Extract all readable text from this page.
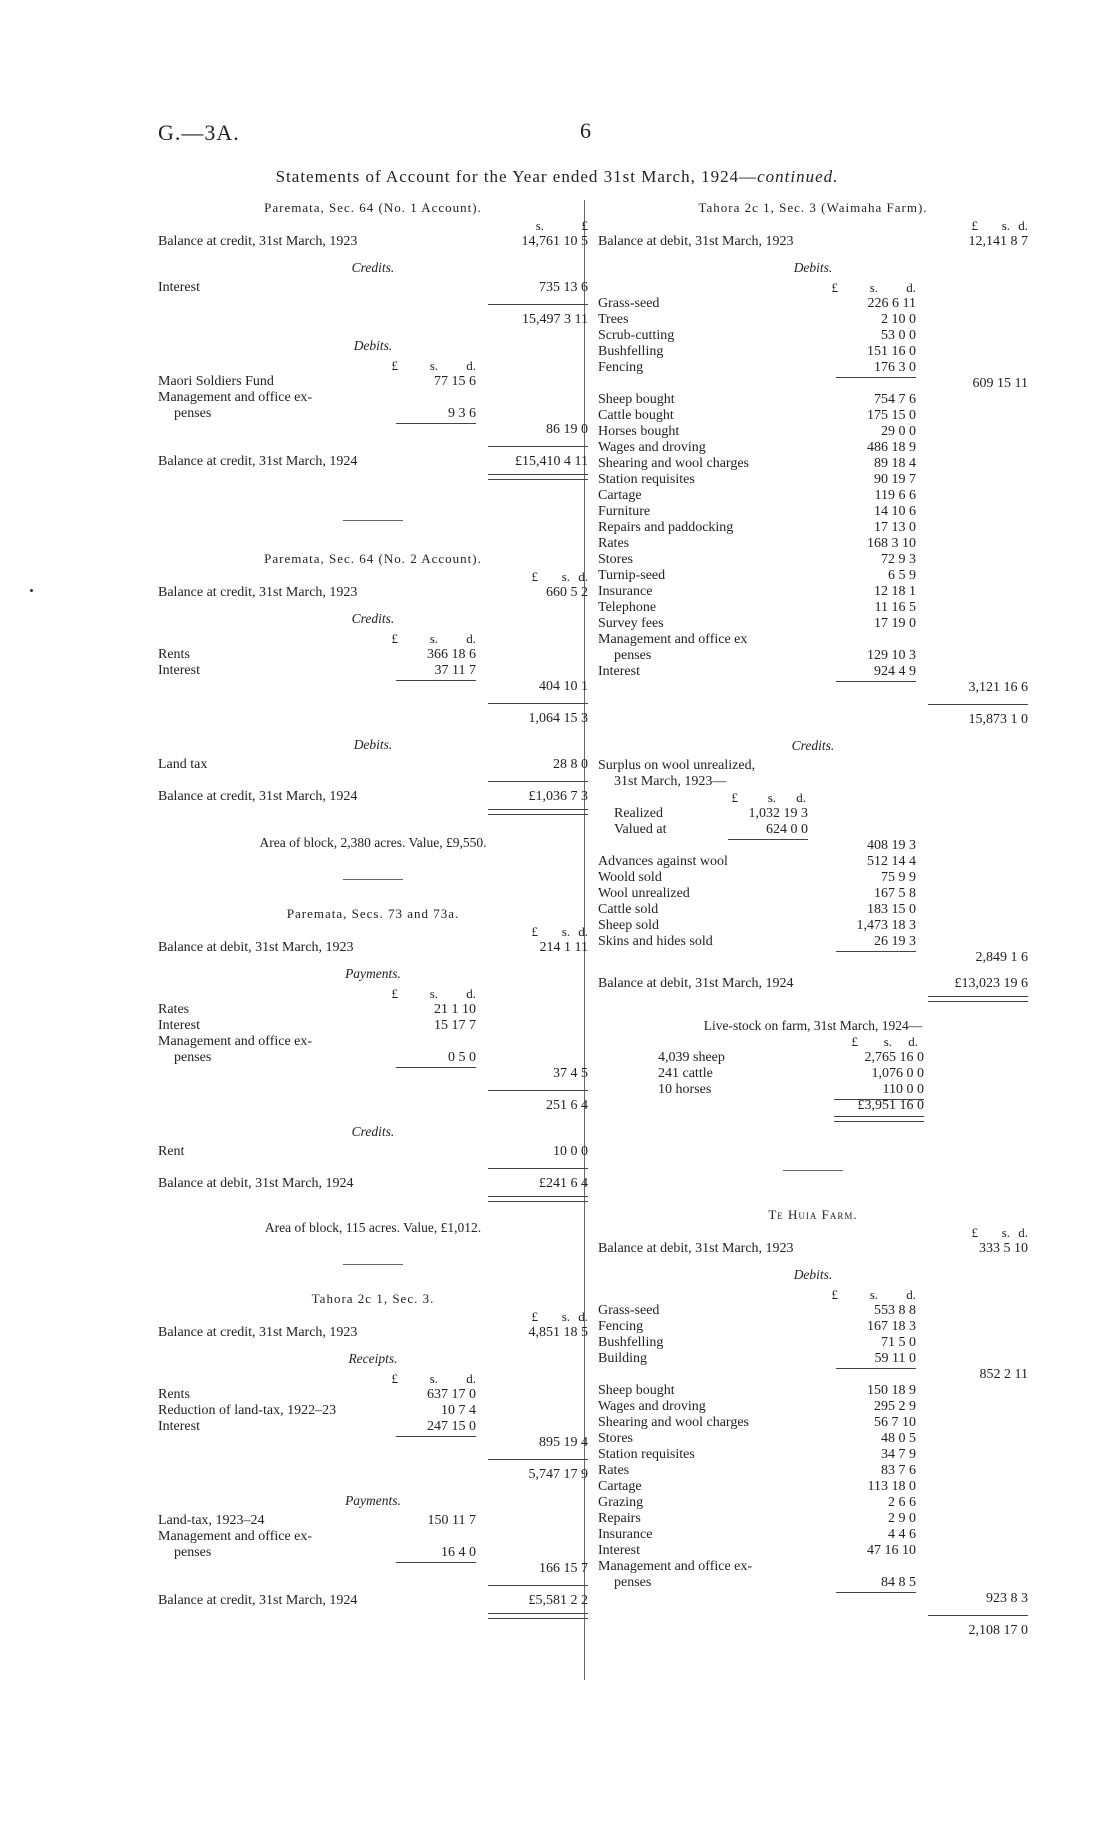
G.—3A.	6
Statements of Account for the Year ended 31st March, 1924—continued.
Paremata, Sec. 64 (No. 1 Account).
£
s.
Balance at credit, 31st March, 1923	14,761 10 5
Credits.
Interest	735 13 6
15,497 3 11
Debits.
£ s. d.
Maori Soldiers Fund	77 15 6
Management and office ex-
penses	9 3 6
86 19 0
Balance at credit, 31st March, 1924	£15,410 4 11
Paremata, Sec. 64 (No. 2 Account).
£ s. d.
Balance at credit, 31st March, 1923	660 5 2
Credits.
£ s. d.
Rents	366 18 6
Interest	37 11 7
404 10 1
1,064 15 3
Debits.
Land tax	28 8 0
Balance at credit, 31st March, 1924	£1,036 7 3
Area of block, 2,380 acres. Value, £9,550.
Paremata, Secs. 73 and 73a.
£ s. d.
Balance at debit, 31st March, 1923	214 1 11
Payments.
£ s. d.
Rates	21 1 10
Interest	15 17 7
Management and office ex-
penses	0 5 0
37 4 5
251 6 4
Credits.
Rent	10 0 0
Balance at debit, 31st March, 1924	£241 6 4
Area of block, 115 acres. Value, £1,012.
Tahora 2c 1, Sec. 3.
£ s. d.
Balance at credit, 31st March, 1923	4,851 18 5
Receipts.
£ s. d.
Rents	637 17 0
Reduction of land-tax, 1922–23	10 7 4
Interest	247 15 0
895 19 4
5,747 17 9
Payments.
Land-tax, 1923–24	150 11 7
Management and office ex-
penses	16 4 0
166 15 7
Balance at credit, 31st March, 1924	£5,581 2 2
Tahora 2c 1, Sec. 3 (Waimaha Farm).
£ s. d.
Balance at debit, 31st March, 1923	12,141 8 7
Debits.
£ s. d.
Grass-seed	226 6 11
Trees	2 10 0
Scrub-cutting	53 0 0
Bushfelling	151 16 0
Fencing	176 3 0
609 15 11
Sheep bought	754 7 6
Cattle bought	175 15 0
Horses bought	29 0 0
Wages and droving	486 18 9
Shearing and wool charges	89 18 4
Station requisites	90 19 7
Cartage	119 6 6
Furniture	14 10 6
Repairs and paddocking	17 13 0
Rates	168 3 10
Stores	72 9 3
Turnip-seed	6 5 9
Insurance	12 18 1
Telephone	11 16 5
Survey fees	17 19 0
Management and office ex
penses	129 10 3
Interest	924 4 9
3,121 16 6
15,873 1 0
Credits.
Surplus on wool unrealized,
31st March, 1923—
£ s. d.
Realized	1,032 19 3
Valued at	624 0 0
408 19 3
Advances against wool	512 14 4
Woold sold	75 9 9
Wool unrealized	167 5 8
Cattle sold	183 15 0
Sheep sold	1,473 18 3
Skins and hides sold	26 19 3
2,849 1 6
Balance at debit, 31st March, 1924	£13,023 19 6
Live-stock on farm, 31st March, 1924—
£ s. d.
4,039 sheep	2,765 16 0
241 cattle	1,076 0 0
10 horses	110 0 0
£3,951 16 0
Te Huia Farm.
£ s. d.
Balance at debit, 31st March, 1923	333 5 10
Debits.
£ s. d.
Grass-seed	553 8 8
Fencing	167 18 3
Bushfelling	71 5 0
Building	59 11 0
852 2 11
Sheep bought	150 18 9
Wages and droving	295 2 9
Shearing and wool charges	56 7 10
Stores	48 0 5
Station requisites	34 7 9
Rates	83 7 6
Cartage	113 18 0
Grazing	2 6 6
Repairs	2 9 0
Insurance	4 4 6
Interest	47 16 10
Management and office ex-
penses	84 8 5
923 8 3
2,108 17 0
